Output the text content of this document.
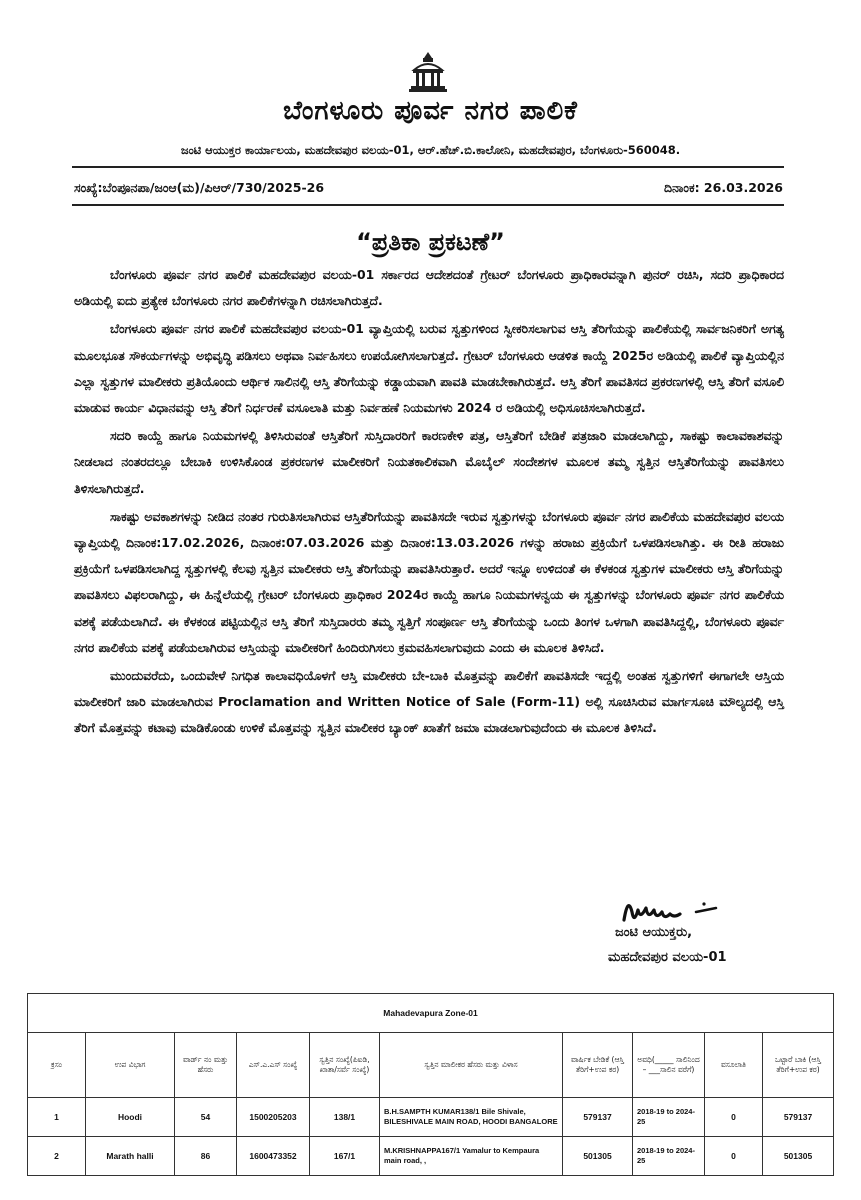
ಬೆಂಗಳೂರು ಪೂರ್ವ ನಗರ ಪಾಲಿಕೆ
ಜಂಟಿ ಆಯುಕ್ತರ ಕಾರ್ಯಾಲಯ, ಮಹದೇವಪುರ ವಲಯ-01, ಆರ್.ಹೆಚ್.ಬಿ.ಕಾಲೋನಿ, ಮಹದೇವಪುರ, ಬೆಂಗಳೂರು-560048.
ಸಂಖ್ಯೆ:ಬೆಂಪೂನಪಾ/ಜಂಆ(ಮ)/ಪಿಆರ್/730/2025-26	ದಿನಾಂಕ: 26.03.2026
“ಪ್ರತಿಕಾ ಪ್ರಕಟಣೆ”

ಬೆಂಗಳೂರು ಪೂರ್ವ ನಗರ ಪಾಲಿಕೆ ಮಹದೇವಪುರ ವಲಯ-01 ಸರ್ಕಾರದ ಆದೇಶದಂತೆ ಗ್ರೇಟರ್ ಬೆಂಗಳೂರು ಪ್ರಾಧಿಕಾರವನ್ನಾಗಿ ಪುನರ್ ರಚಿಸಿ, ಸದರಿ ಪ್ರಾಧಿಕಾರದ ಅಡಿಯಲ್ಲಿ ಐದು ಪ್ರತ್ಯೇಕ ಬೆಂಗಳೂರು ನಗರ ಪಾಲಿಕೆಗಳನ್ನಾಗಿ ರಚಿಸಲಾಗಿರುತ್ತದೆ.

ಬೆಂಗಳೂರು ಪೂರ್ವ ನಗರ ಪಾಲಿಕೆ ಮಹದೇವಪುರ ವಲಯ-01 ವ್ಯಾಪ್ತಿಯಲ್ಲಿ ಬರುವ ಸ್ವತ್ತುಗಳಿಂದ ಸ್ವೀಕರಿಸಲಾಗುವ ಆಸ್ತಿ ತೆರಿಗೆಯನ್ನು ಪಾಲಿಕೆಯಲ್ಲಿ ಸಾರ್ವಜನಿಕರಿಗೆ ಅಗತ್ಯ ಮೂಲಭೂತ ಸೌಕರ್ಯಗಳನ್ನು ಅಭಿವೃದ್ಧಿ ಪಡಿಸಲು ಅಥವಾ ನಿರ್ವಹಿಸಲು ಉಪಯೋಗಿಸಲಾಗುತ್ತದೆ. ಗ್ರೇಟರ್ ಬೆಂಗಳೂರು ಆಡಳಿತ ಕಾಯ್ದೆ 2025ರ ಅಡಿಯಲ್ಲಿ ಪಾಲಿಕೆ ವ್ಯಾಪ್ತಿಯಲ್ಲಿನ ಎಲ್ಲಾ ಸ್ವತ್ತುಗಳ ಮಾಲೀಕರು ಪ್ರತಿಯೊಂದು ಆರ್ಥಿಕ ಸಾಲಿನಲ್ಲಿ ಆಸ್ತಿ ತೆರಿಗೆಯನ್ನು ಕಡ್ಡಾಯವಾಗಿ ಪಾವತಿ ಮಾಡಬೇಕಾಗಿರುತ್ತದೆ. ಆಸ್ತಿ ತೆರಿಗೆ ಪಾವತಿಸದ ಪ್ರಕರಣಗಳಲ್ಲಿ ಆಸ್ತಿ ತೆರಿಗೆ ವಸೂಲಿ ಮಾಡುವ ಕಾರ್ಯ ವಿಧಾನವನ್ನು ಆಸ್ತಿ ತೆರಿಗೆ ನಿರ್ಧರಣೆ ವಸೂಲಾತಿ ಮತ್ತು ನಿರ್ವಹಣೆ ನಿಯಮಗಳು 2024 ರ ಅಡಿಯಲ್ಲಿ ಅಧಿಸೂಚಿಸಲಾಗಿರುತ್ತದೆ.

ಸದರಿ ಕಾಯ್ದೆ ಹಾಗೂ ನಿಯಮಗಳಲ್ಲಿ ತಿಳಿಸಿರುವಂತೆ ಆಸ್ತಿತೆರಿಗೆ ಸುಸ್ತಿದಾರರಿಗೆ ಕಾರಣಕೇಳಿ ಪತ್ರ, ಆಸ್ತಿತೆರಿಗೆ ಬೇಡಿಕೆ ಪತ್ರಜಾರಿ ಮಾಡಲಾಗಿದ್ದು, ಸಾಕಷ್ಟು ಕಾಲಾವಕಾಶವನ್ನು ನೀಡಲಾದ ನಂತರದಲ್ಲೂ ಬೇಬಾಕಿ ಉಳಿಸಿಕೊಂಡ ಪ್ರಕರಣಗಳ ಮಾಲೀಕರಿಗೆ ನಿಯತಕಾಲಿಕವಾಗಿ ಮೊಬೈಲ್ ಸಂದೇಶಗಳ ಮೂಲಕ ತಮ್ಮ ಸ್ವತ್ತಿನ ಆಸ್ತಿತೆರಿಗೆಯನ್ನು ಪಾವತಿಸಲು ತಿಳಿಸಲಾಗಿರುತ್ತದೆ.

ಸಾಕಷ್ಟು ಅವಕಾಶಗಳನ್ನು ನೀಡಿದ ನಂತರ ಗುರುತಿಸಲಾಗಿರುವ ಆಸ್ತಿತೆರಿಗೆಯನ್ನು ಪಾವತಿಸದೇ ಇರುವ ಸ್ವತ್ತುಗಳನ್ನು ಬೆಂಗಳೂರು ಪೂರ್ವ ನಗರ ಪಾಲಿಕೆಯ ಮಹದೇವಪುರ ವಲಯ ವ್ಯಾಪ್ತಿಯಲ್ಲಿ ದಿನಾಂಕ:17.02.2026, ದಿನಾಂಕ:07.03.2026 ಮತ್ತು ದಿನಾಂಕ:13.03.2026 ಗಳನ್ನು ಹರಾಜು ಪ್ರಕ್ರಿಯೆಗೆ ಒಳಪಡಿಸಲಾಗಿತ್ತು. ಈ ರೀತಿ ಹರಾಜು ಪ್ರಕ್ರಿಯೆಗೆ ಒಳಪಡಿಸಲಾಗಿದ್ದ ಸ್ವತ್ತುಗಳಲ್ಲಿ ಕೆಲವು ಸ್ವತ್ತಿನ ಮಾಲೀಕರು ಆಸ್ತಿ ತೆರಿಗೆಯನ್ನು ಪಾವತಿಸಿರುತ್ತಾರೆ. ಅದರೆ ಇನ್ನೂ ಉಳಿದಂತೆ ಈ ಕೆಳಕಂಡ ಸ್ವತ್ತುಗಳ ಮಾಲೀಕರು ಆಸ್ತಿ ತೆರಿಗೆಯನ್ನು ಪಾವತಿಸಲು ವಿಫಲರಾಗಿದ್ದು, ಈ ಹಿನ್ನೆಲೆಯಲ್ಲಿ ಗ್ರೇಟರ್ ಬೆಂಗಳೂರು ಪ್ರಾಧಿಕಾರ 2024ರ ಕಾಯ್ದೆ ಹಾಗೂ ನಿಯಮಗಳನ್ವಯ ಈ ಸ್ವತ್ತುಗಳನ್ನು ಬೆಂಗಳೂರು ಪೂರ್ವ ನಗರ ಪಾಲಿಕೆಯ ವಶಕ್ಕೆ ಪಡೆಯಲಾಗಿದೆ. ಈ ಕೆಳಕಂಡ ಪಟ್ಟಿಯಲ್ಲಿನ ಆಸ್ತಿ ತೆರಿಗೆ ಸುಸ್ತಿದಾರರು ತಮ್ಮ ಸ್ವತ್ತಿಗೆ ಸಂಪೂರ್ಣ ಆಸ್ತಿ ತೆರಿಗೆಯನ್ನು ಒಂದು ತಿಂಗಳ ಒಳಗಾಗಿ ಪಾವತಿಸಿದ್ದಲ್ಲಿ, ಬೆಂಗಳೂರು ಪೂರ್ವ ನಗರ ಪಾಲಿಕೆಯ ವಶಕ್ಕೆ ಪಡೆಯಲಾಗಿರುವ ಆಸ್ತಿಯನ್ನು ಮಾಲೀಕರಿಗೆ ಹಿಂದಿರುಗಿಸಲು ಕ್ರಮವಹಿಸಲಾಗುವುದು ಎಂದು ಈ ಮೂಲಕ ತಿಳಿಸಿದೆ.

ಮುಂದುವರೆದು, ಒಂದುವೇಳೆ ನಿಗಧಿತ ಕಾಲಾವಧಿಯೊಳಗೆ ಆಸ್ತಿ ಮಾಲೀಕರು ಬೇ-ಬಾಕಿ ಮೊತ್ತವನ್ನು ಪಾಲಿಕೆಗೆ ಪಾವತಿಸದೇ ಇದ್ದಲ್ಲಿ ಅಂತಹ ಸ್ವತ್ತುಗಳಿಗೆ ಈಗಾಗಲೇ ಆಸ್ತಿಯ ಮಾಲೀಕರಿಗೆ ಜಾರಿ ಮಾಡಲಾಗಿರುವ Proclamation and Written Notice of Sale (Form-11) ಅಲ್ಲಿ ಸೂಚಿಸಿರುವ ಮಾರ್ಗಸೂಚಿ ಮೌಲ್ಯದಲ್ಲಿ ಆಸ್ತಿ ತೆರಿಗೆ ಮೊತ್ತವನ್ನು ಕಟಾವು ಮಾಡಿಕೊಂಡು ಉಳಿಕೆ ಮೊತ್ತವನ್ನು ಸ್ವತ್ತಿನ ಮಾಲೀಕರ ಬ್ಯಾಂಕ್ ಖಾತೆಗೆ ಜಮಾ ಮಾಡಲಾಗುವುದೆಂದು ಈ ಮೂಲಕ ತಿಳಿಸಿದೆ.

ಜಂಟಿ ಆಯುಕ್ತರು,
ಮಹದೇವಪುರ ವಲಯ-01
Mahadevapura Zone-01									
ಕ್ರಸಂ	ಉಪ ವಿಭಾಗ	ವಾರ್ಡ್ ನಂ ಮತ್ತು ಹೆಸರು	ಎಸ್.ಎ.ಎಸ್ ಸಂಖ್ಯೆ	ಸ್ವತ್ತಿನ ಸಂಖ್ಯೆ(ಪಿಐಡಿ, ಖಾತಾ/ಸರ್ವೆ ಸಂಖ್ಯೆ)	ಸ್ವತ್ತಿನ ಮಾಲೀಕರ ಹೆಸರು ಮತ್ತು ವಿಳಾಸ	ವಾರ್ಷಿಕ ಬೇಡಿಕೆ (ಆಸ್ತಿ ತೆರಿಗೆ+ಉಪ ಕರ)	ಅವಧಿ(_____ ಸಾಲಿನಿಂದ – ___ಸಾಲಿನ ವರೆಗೆ)	ವಸೂಲಾತಿ	ಒಟ್ಟಾರೆ ಬಾಕಿ (ಆಸ್ತಿ ತೆರಿಗೆ+ಉಪ ಕರ)
1	Hoodi	54	1500205203	138/1	B.H.SAMPTH KUMAR138/1 Bile Shivale, BILESHIVALE MAIN ROAD, HOODI BANGALORE	579137	2018-19 to 2024-25	0	579137
2	Marath halli	86	1600473352	167/1	M.KRISHNAPPA167/1 Yamalur to Kempaura main road, ,	501305	2018-19 to 2024-25	0	501305
